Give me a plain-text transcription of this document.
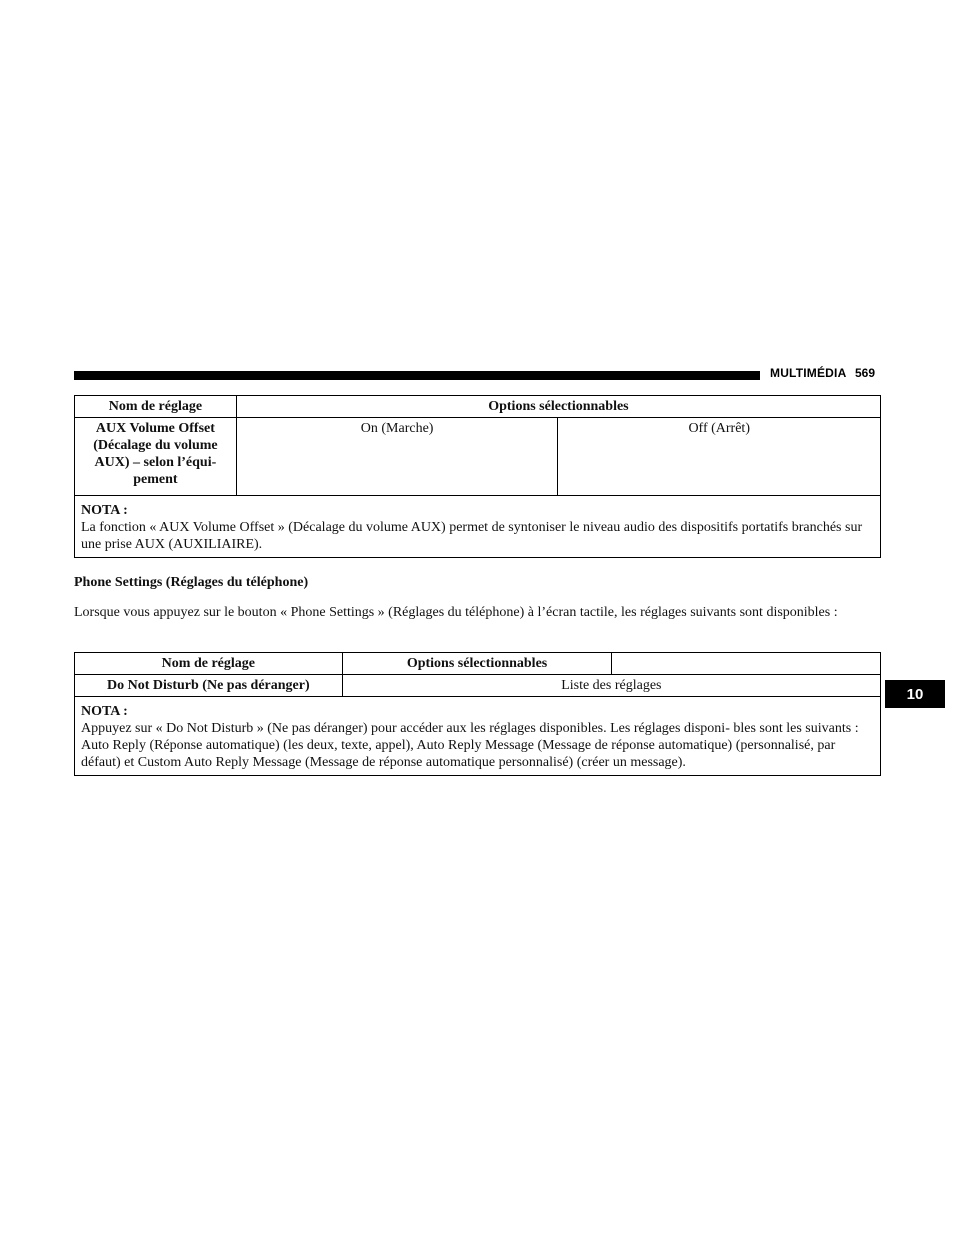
MULTIMÉDIA 569
10
Nom de réglage	Options sélectionnables	
AUX Volume Offset (Décalage du volume AUX) – selon l’équi- pement	On (Marche)	Off (Arrêt)

NOTA :
La fonction « AUX Volume Offset » (Décalage du volume AUX) permet de syntoniser le niveau audio des dispositifs portatifs branchés sur une prise AUX (AUXILIAIRE).		
Phone Settings (Réglages du téléphone)
Lorsque vous appuyez sur le bouton « Phone Settings » (Réglages du téléphone) à l’écran tactile, les réglages suivants sont disponibles :
Nom de réglage	Options sélectionnables	
Do Not Disturb (Ne pas déranger)	Liste des réglages	

NOTA :
Appuyez sur « Do Not Disturb » (Ne pas déranger) pour accéder aux les réglages disponibles. Les réglages disponi- bles sont les suivants : Auto Reply (Réponse automatique) (les deux, texte, appel), Auto Reply Message (Message de réponse automatique) (personnalisé, par défaut) et Custom Auto Reply Message (Message de réponse automatique personnalisé) (créer un message).		
